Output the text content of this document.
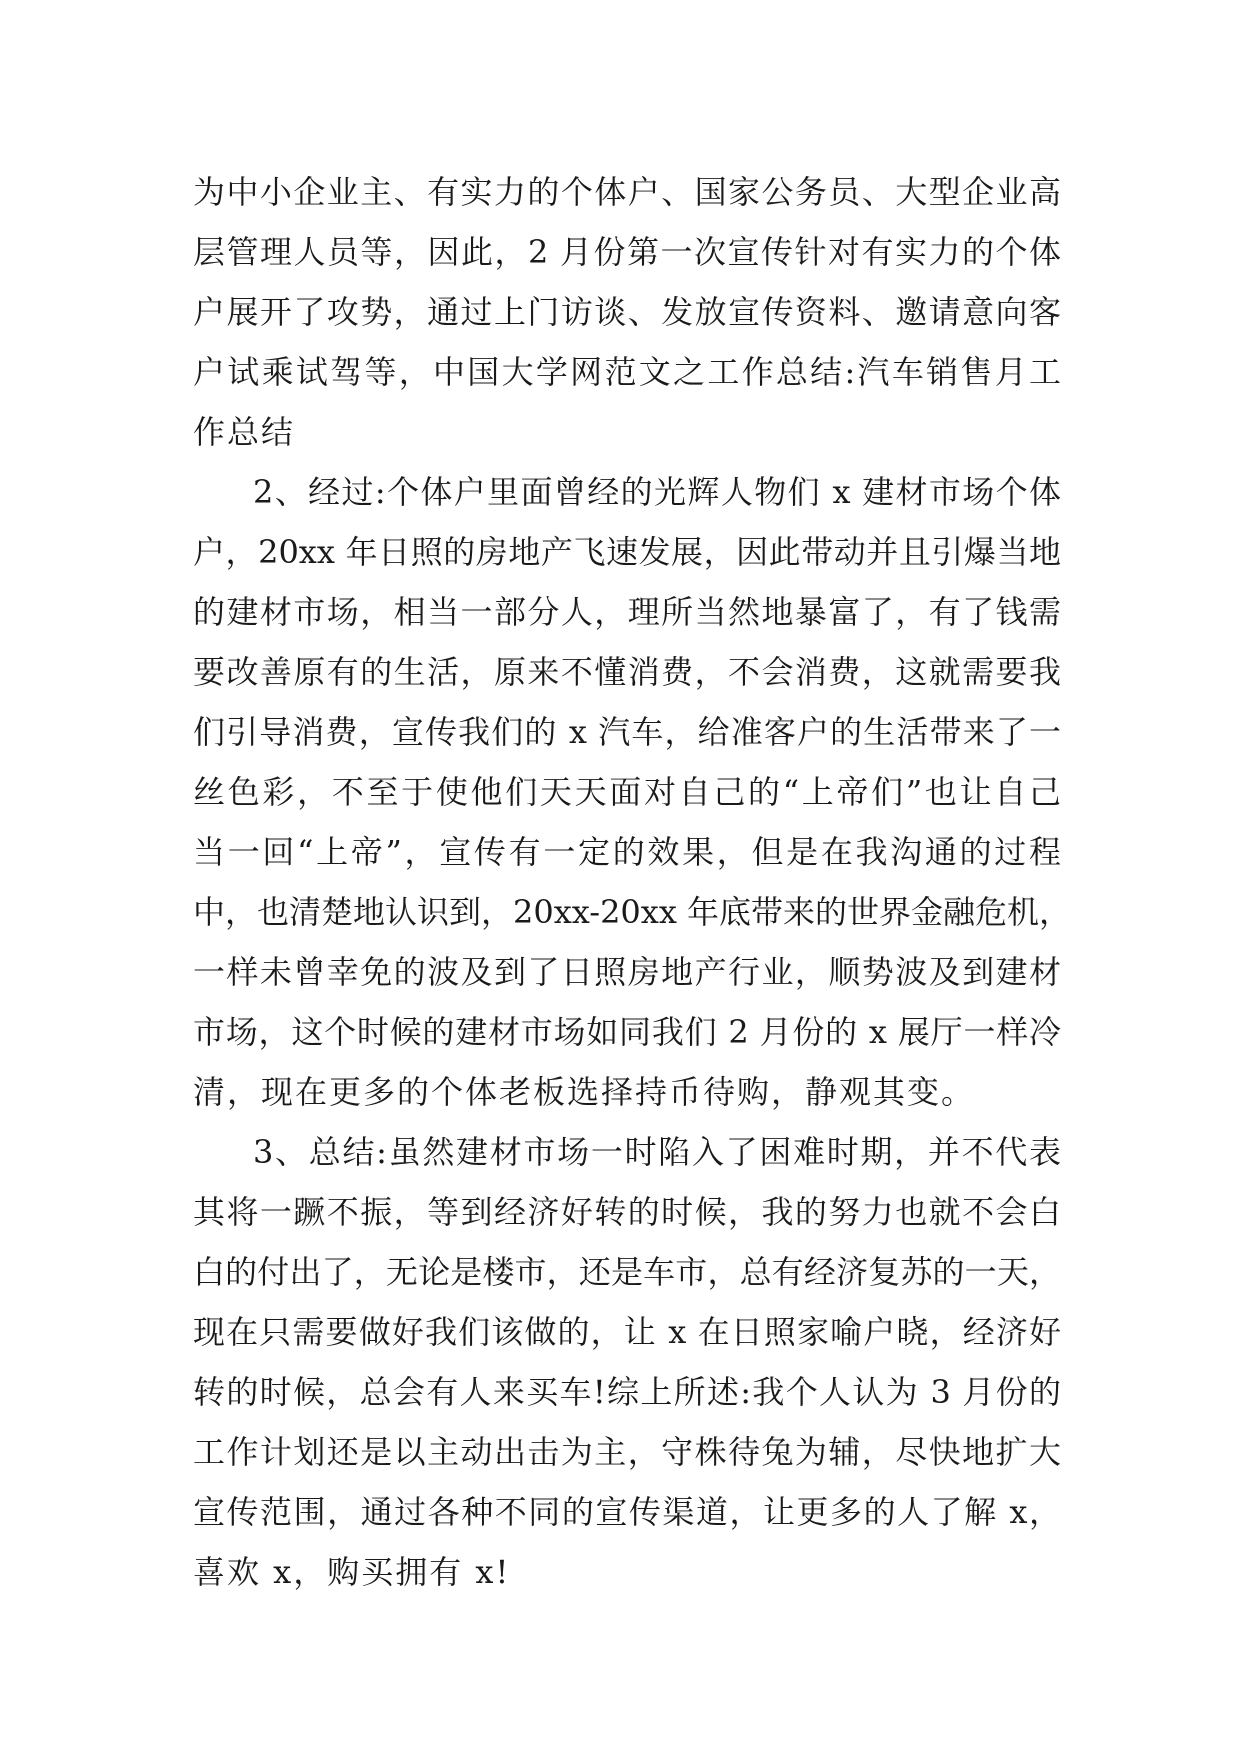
为中小企业主、有实力的个体户、国家公务员、大型企业高
层管理人员等，因此，2 月份第一次宣传针对有实力的个体
户展开了攻势，通过上门访谈、发放宣传资料、邀请意向客
户试乘试驾等，中国大学网范文之工作总结:汽车销售月工
作总结
2、经过:个体户里面曾经的光辉人物们 x 建材市场个体
户，20xx 年日照的房地产飞速发展，因此带动并且引爆当地
的建材市场，相当一部分人，理所当然地暴富了，有了钱需
要改善原有的生活，原来不懂消费，不会消费，这就需要我
们引导消费，宣传我们的 x 汽车，给准客户的生活带来了一
丝色彩，不至于使他们天天面对自己的“上帝们”也让自己
当一回“上帝”，宣传有一定的效果，但是在我沟通的过程
中，也清楚地认识到，20xx-20xx 年底带来的世界金融危机，
一样未曾幸免的波及到了日照房地产行业，顺势波及到建材
市场，这个时候的建材市场如同我们 2 月份的 x 展厅一样冷
清，现在更多的个体老板选择持币待购，静观其变。
3、总结:虽然建材市场一时陷入了困难时期，并不代表
其将一蹶不振，等到经济好转的时候，我的努力也就不会白
白的付出了，无论是楼市，还是车市，总有经济复苏的一天，
现在只需要做好我们该做的，让 x 在日照家喻户晓，经济好
转的时候，总会有人来买车!综上所述:我个人认为 3 月份的
工作计划还是以主动出击为主，守株待兔为辅，尽快地扩大
宣传范围，通过各种不同的宣传渠道，让更多的人了解 x，
喜欢 x，购买拥有 x!
